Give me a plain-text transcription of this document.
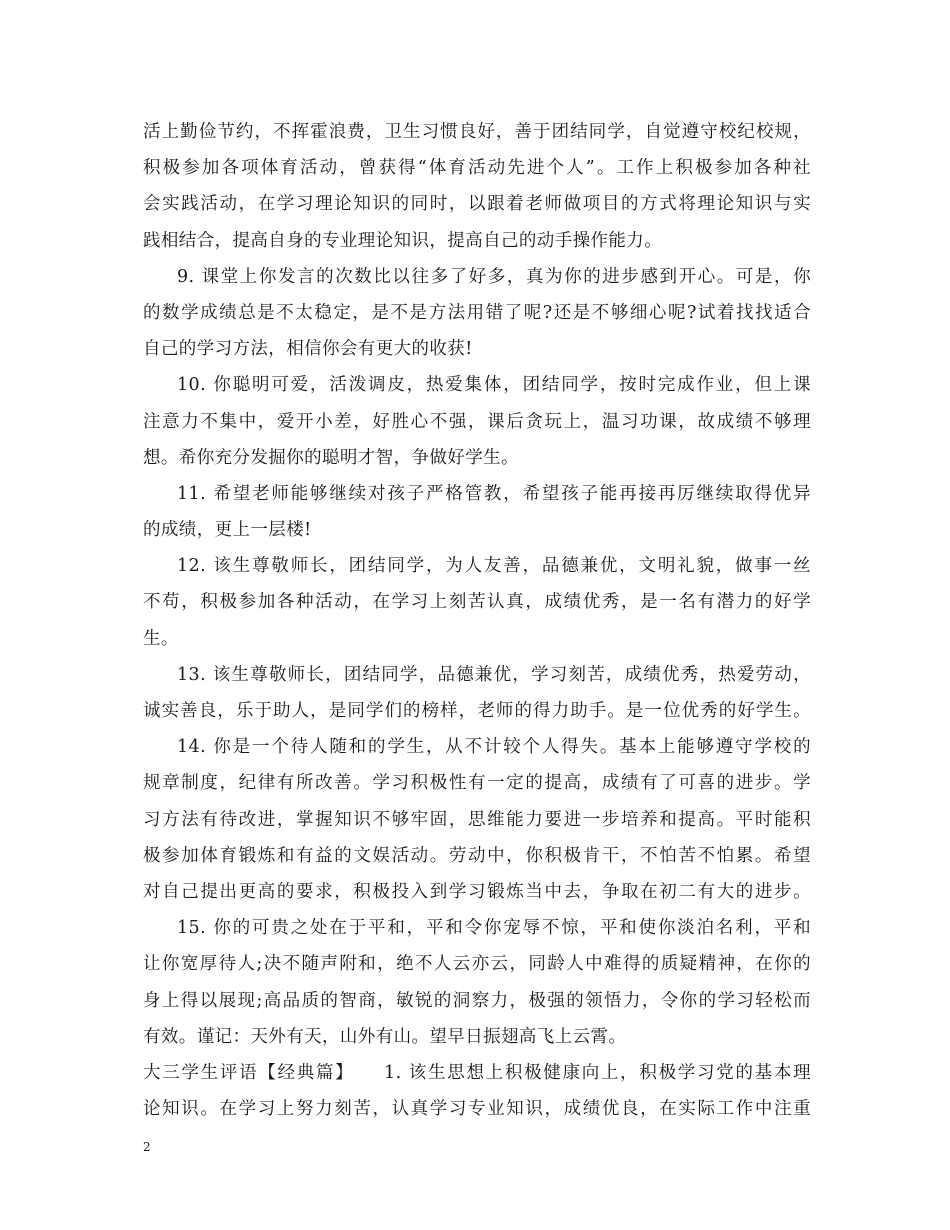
活上勤俭节约，不挥霍浪费，卫生习惯良好，善于团结同学，自觉遵守校纪校规，
积极参加各项体育活动，曾获得“体育活动先进个人”。工作上积极参加各种社
会实践活动，在学习理论知识的同时，以跟着老师做项目的方式将理论知识与实
践相结合，提高自身的专业理论知识，提高自己的动手操作能力。
9. 课堂上你发言的次数比以往多了好多，真为你的进步感到开心。可是，你
的数学成绩总是不太稳定，是不是方法用错了呢?还是不够细心呢?试着找找适合
自己的学习方法，相信你会有更大的收获!
10. 你聪明可爱，活泼调皮，热爱集体，团结同学，按时完成作业，但上课
注意力不集中，爱开小差，好胜心不强，课后贪玩上，温习功课，故成绩不够理
想。希你充分发掘你的聪明才智，争做好学生。
11. 希望老师能够继续对孩子严格管教，希望孩子能再接再厉继续取得优异
的成绩，更上一层楼!
12. 该生尊敬师长，团结同学，为人友善，品德兼优，文明礼貌，做事一丝
不苟，积极参加各种活动，在学习上刻苦认真，成绩优秀，是一名有潜力的好学
生。
13. 该生尊敬师长，团结同学，品德兼优，学习刻苦，成绩优秀，热爱劳动，
诚实善良，乐于助人，是同学们的榜样，老师的得力助手。是一位优秀的好学生。
14. 你是一个待人随和的学生，从不计较个人得失。基本上能够遵守学校的
规章制度，纪律有所改善。学习积极性有一定的提高，成绩有了可喜的进步。学
习方法有待改进，掌握知识不够牢固，思维能力要进一步培养和提高。平时能积
极参加体育锻炼和有益的文娱活动。劳动中，你积极肯干，不怕苦不怕累。希望
对自己提出更高的要求，积极投入到学习锻炼当中去，争取在初二有大的进步。
15. 你的可贵之处在于平和，平和令你宠辱不惊，平和使你淡泊名利，平和
让你宽厚待人;决不随声附和，绝不人云亦云，同龄人中难得的质疑精神，在你的
身上得以展现;高品质的智商，敏锐的洞察力，极强的领悟力，令你的学习轻松而
有效。谨记：天外有天，山外有山。望早日振翅高飞上云霄。
大三学生评语【经典篇】　　1. 该生思想上积极健康向上，积极学习党的基本理
论知识。在学习上努力刻苦，认真学习专业知识，成绩优良，在实际工作中注重
2
